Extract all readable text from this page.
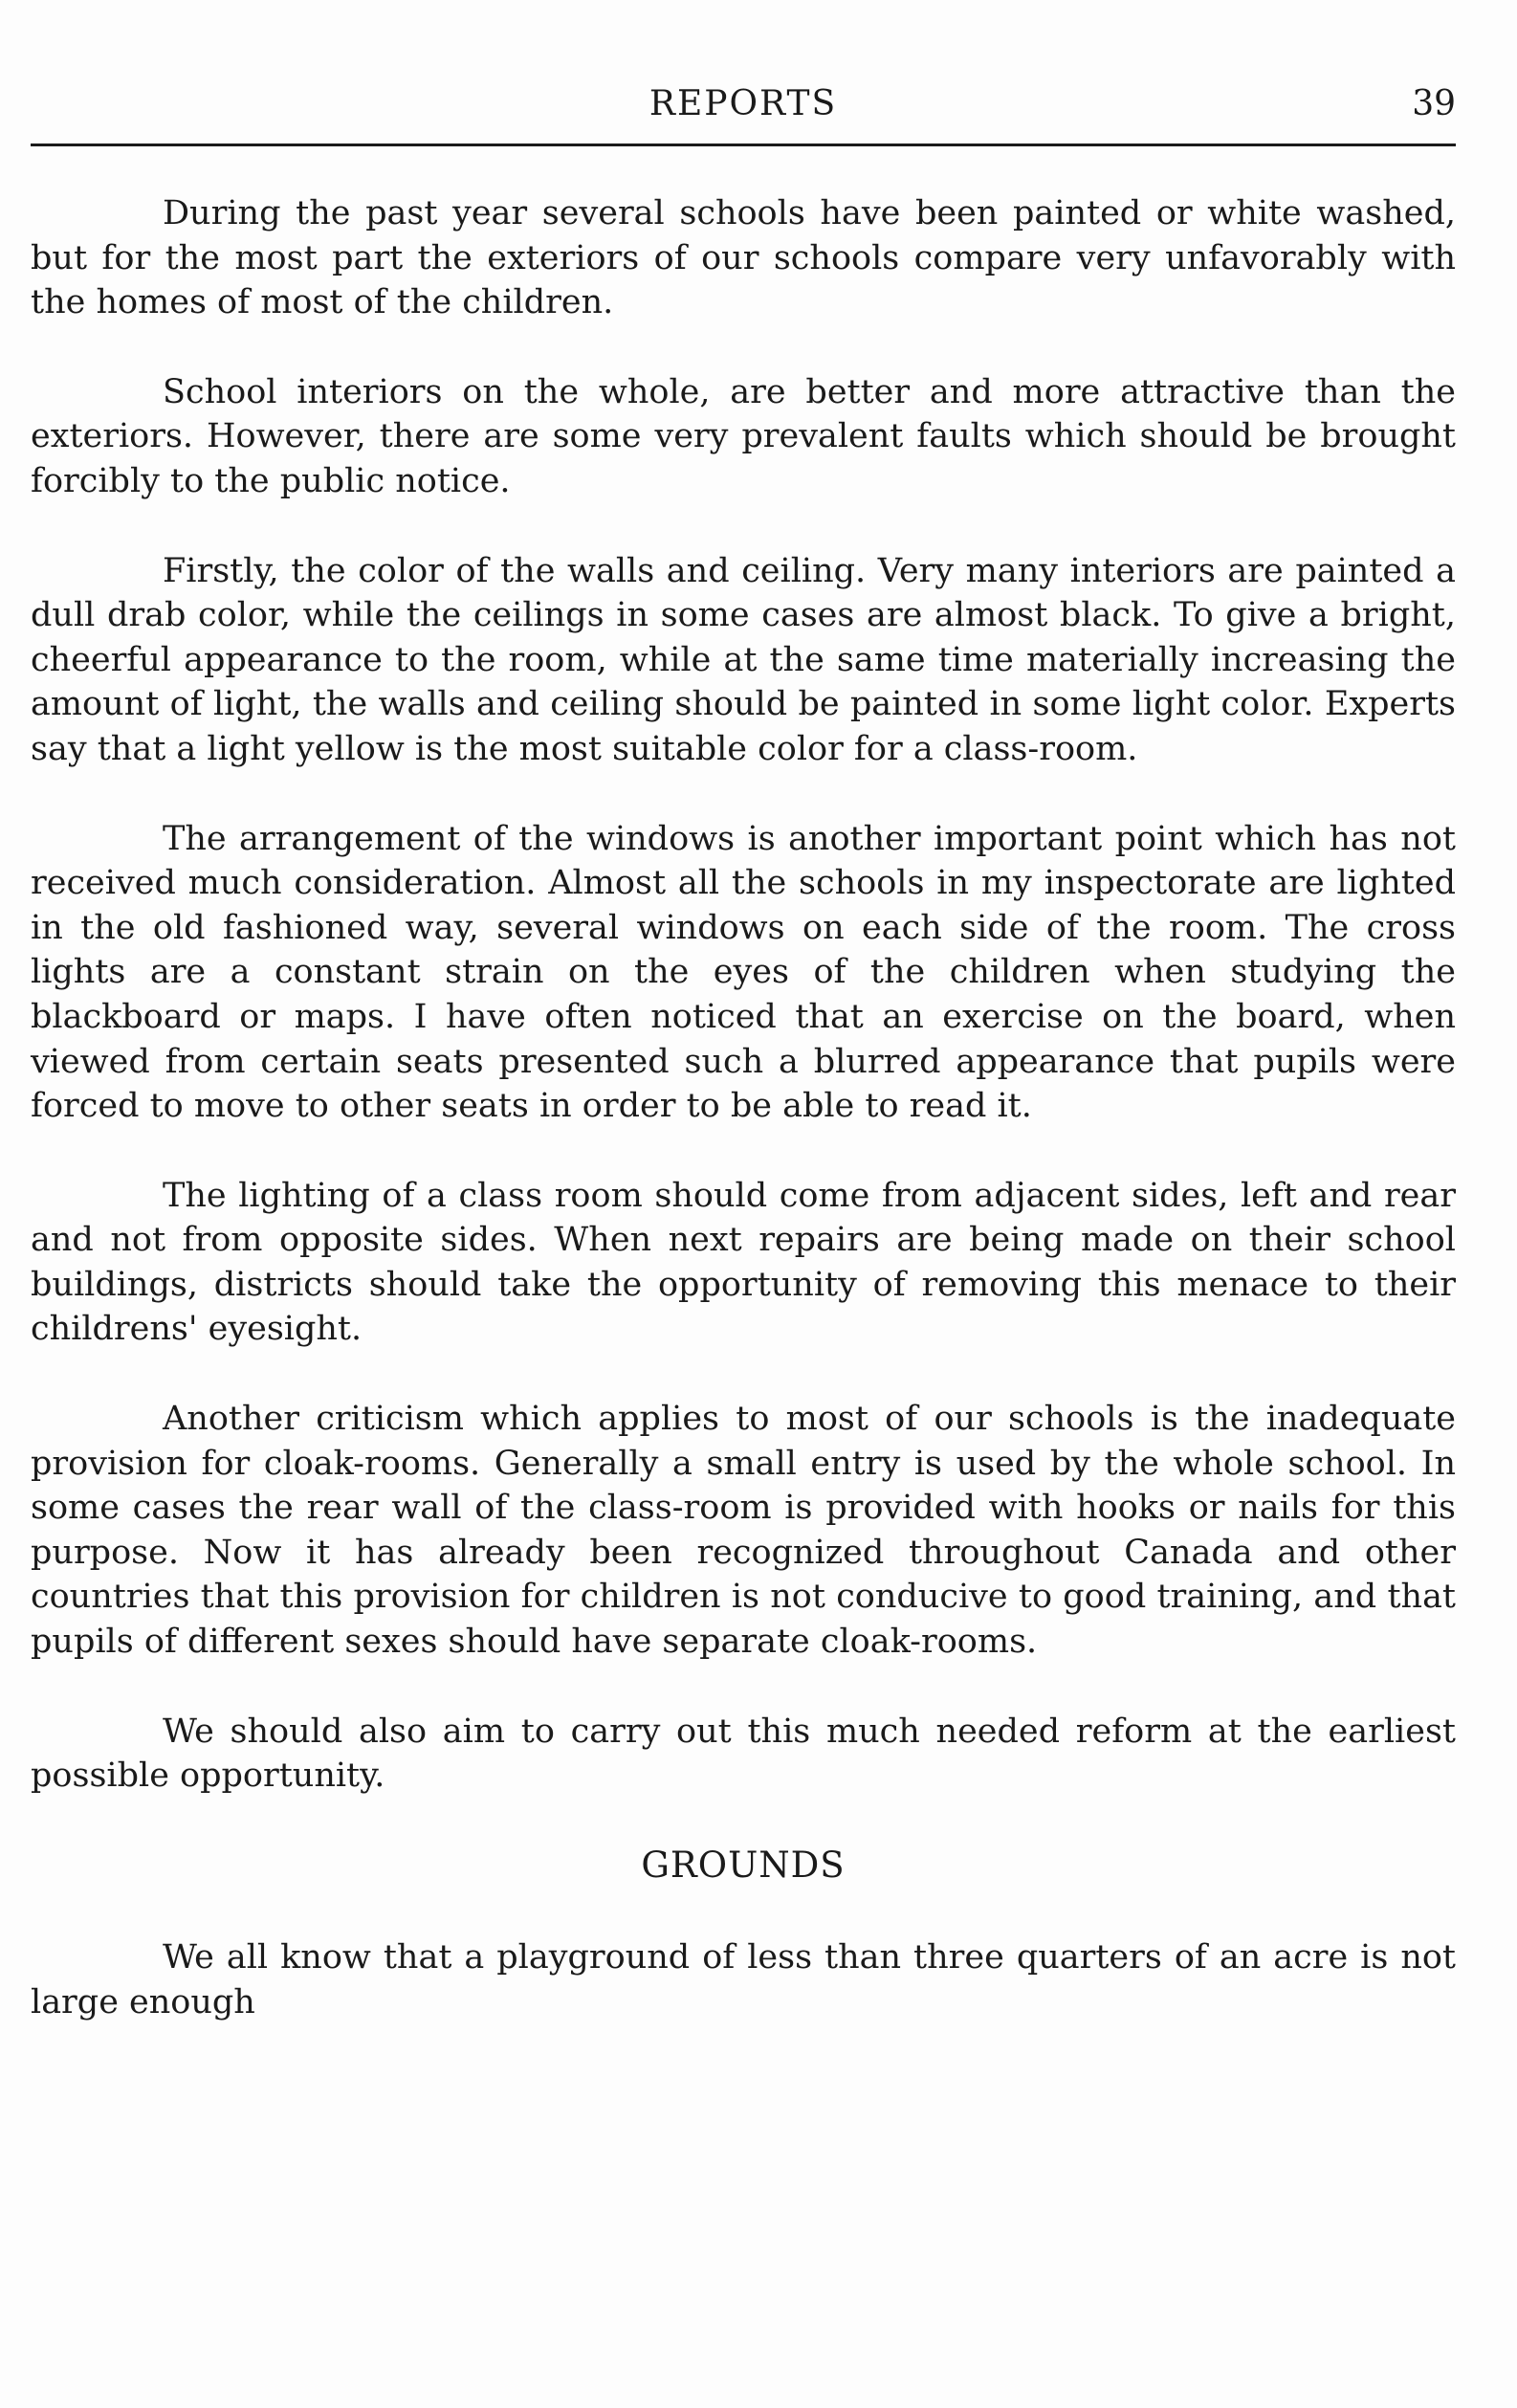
REPORTS	39

During the past year several schools have been painted or white washed, but for the most part the exteriors of our schools compare very unfavorably with the homes of most of the children.

School interiors on the whole, are better and more attractive than the exteriors. However, there are some very prevalent faults which should be brought forcibly to the public notice.

Firstly, the color of the walls and ceiling. Very many interiors are painted a dull drab color, while the ceilings in some cases are almost black. To give a bright, cheerful appearance to the room, while at the same time materially increasing the amount of light, the walls and ceiling should be painted in some light color. Experts say that a light yellow is the most suitable color for a class-room.

The arrangement of the windows is another important point which has not received much consideration. Almost all the schools in my inspectorate are lighted in the old fashioned way, several windows on each side of the room. The cross lights are a constant strain on the eyes of the children when studying the blackboard or maps. I have often noticed that an exercise on the board, when viewed from certain seats presented such a blurred appearance that pupils were forced to move to other seats in order to be able to read it.

The lighting of a class room should come from adjacent sides, left and rear and not from opposite sides. When next repairs are being made on their school buildings, districts should take the opportunity of removing this menace to their childrens' eyesight.

Another criticism which applies to most of our schools is the inadequate provision for cloak-rooms. Generally a small entry is used by the whole school. In some cases the rear wall of the class-room is provided with hooks or nails for this purpose. Now it has already been recognized throughout Canada and other countries that this provision for children is not conducive to good training, and that pupils of different sexes should have separate cloak-rooms.

We should also aim to carry out this much needed reform at the earliest possible opportunity.

GROUNDS

We all know that a playground of less than three quarters of an acre is not large enough
